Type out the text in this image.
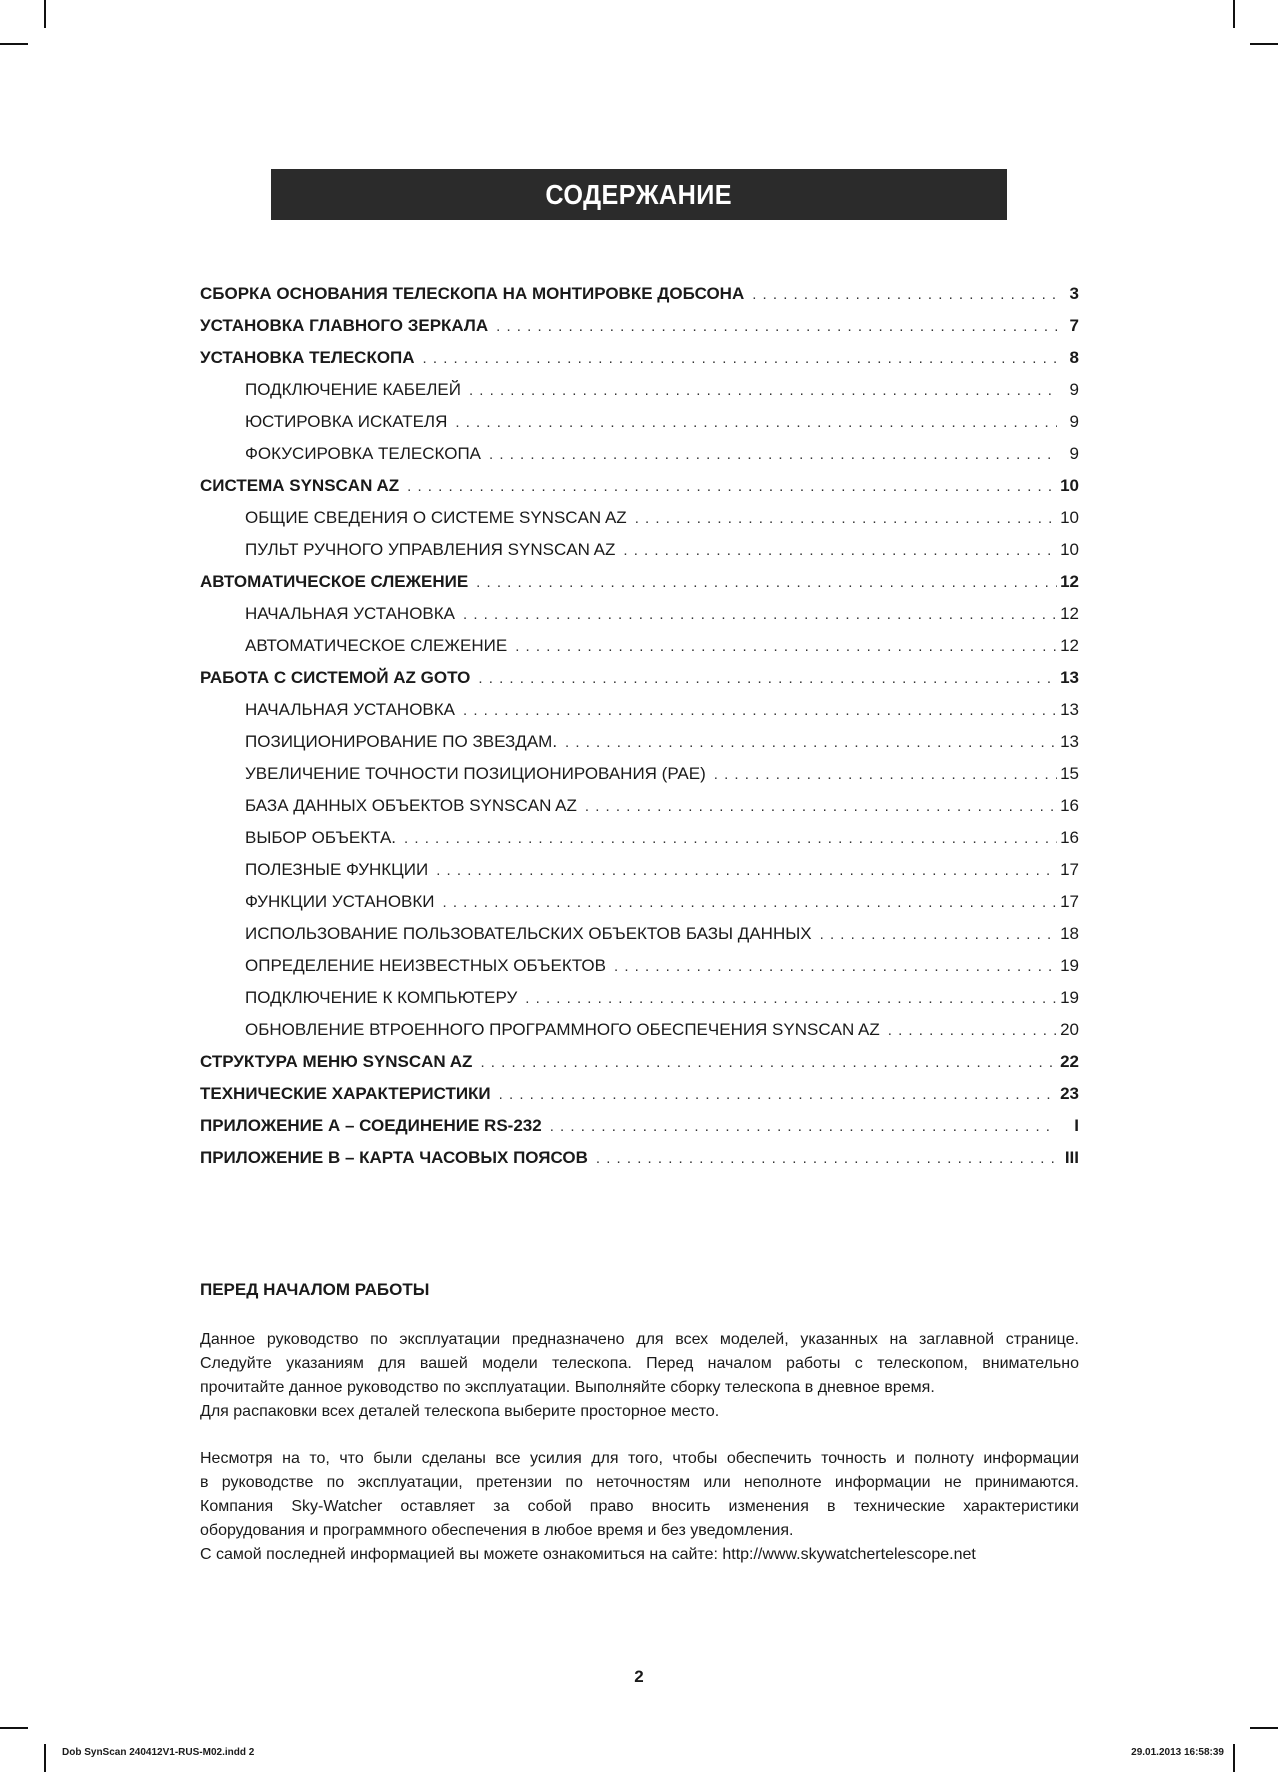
СОДЕРЖАНИЕ
СБОРКА ОСНОВАНИЯ ТЕЛЕСКОПА НА МОНТИРОВКЕ ДОБСОНА . . .	3
УСТАНОВКА ГЛАВНОГО ЗЕРКАЛА . . .	7
УСТАНОВКА ТЕЛЕСКОПА . . .	8
ПОДКЛЮЧЕНИЕ КАБЕЛЕЙ . . .	9
ЮСТИРОВКА ИСКАТЕЛЯ . . .	9
ФОКУСИРОВКА ТЕЛЕСКОПА . . .	9
СИСТЕМА SYNSCAN AZ . . .	10
ОБЩИЕ СВЕДЕНИЯ О СИСТЕМЕ SYNSCAN AZ . . .	10
ПУЛЬТ РУЧНОГО УПРАВЛЕНИЯ SYNSCAN AZ . . .	10
АВТОМАТИЧЕСКОЕ СЛЕЖЕНИЕ . . .	12
НАЧАЛЬНАЯ УСТАНОВКА . . .	12
АВТОМАТИЧЕСКОЕ СЛЕЖЕНИЕ . . .	12
РАБОТА С СИСТЕМОЙ AZ GOTO . . .	13
НАЧАЛЬНАЯ УСТАНОВКА . . .	13
ПОЗИЦИОНИРОВАНИЕ ПО ЗВЕЗДАМ. . . .	13
УВЕЛИЧЕНИЕ ТОЧНОСТИ ПОЗИЦИОНИРОВАНИЯ (PAE) . . .	15
БАЗА ДАННЫХ ОБЪЕКТОВ SYNSCAN AZ . . .	16
ВЫБОР ОБЪЕКТА. . . .	16
ПОЛЕЗНЫЕ ФУНКЦИИ . . .	17
ФУНКЦИИ УСТАНОВКИ . . .	17
ИСПОЛЬЗОВАНИЕ ПОЛЬЗОВАТЕЛЬСКИХ ОБЪЕКТОВ БАЗЫ ДАННЫХ . . .	18
ОПРЕДЕЛЕНИЕ НЕИЗВЕСТНЫХ ОБЪЕКТОВ . . .	19
ПОДКЛЮЧЕНИЕ К КОМПЬЮТЕРУ . . .	19
ОБНОВЛЕНИЕ ВТРОЕННОГО ПРОГРАММНОГО ОБЕСПЕЧЕНИЯ SYNSCAN AZ . . .	20
СТРУКТУРА МЕНЮ SYNSCAN AZ . . .	22
ТЕХНИЧЕСКИЕ ХАРАКТЕРИСТИКИ . . .	23
ПРИЛОЖЕНИЕ А – СОЕДИНЕНИЕ RS-232 . . .	I
ПРИЛОЖЕНИЕ В – КАРТА ЧАСОВЫХ ПОЯСОВ . . .	III
ПЕРЕД НАЧАЛОМ РАБОТЫ

Данное руководство по эксплуатации предназначено для всех моделей, указанных на заглавной странице.
Следуйте указаниям для вашей модели телескопа. Перед началом работы с телескопом, внимательно
прочитайте данное руководство по эксплуатации. Выполняйте сборку телескопа в дневное время.
Для распаковки всех деталей телескопа выберите просторное место.

Несмотря на то, что были сделаны все усилия для того, чтобы обеспечить точность и полноту информации
в руководстве по эксплуатации, претензии по неточностям или неполноте информации не принимаются.
Компания Sky-Watcher оставляет за собой право вносить изменения в технические характеристики
оборудования и программного обеспечения в любое время и без уведомления.
С самой последней информацией вы можете ознакомиться на сайте: http://www.skywatchertelescope.net

2
Dob SynScan 240412V1-RUS-M02.indd 2	29.01.2013 16:58:39
